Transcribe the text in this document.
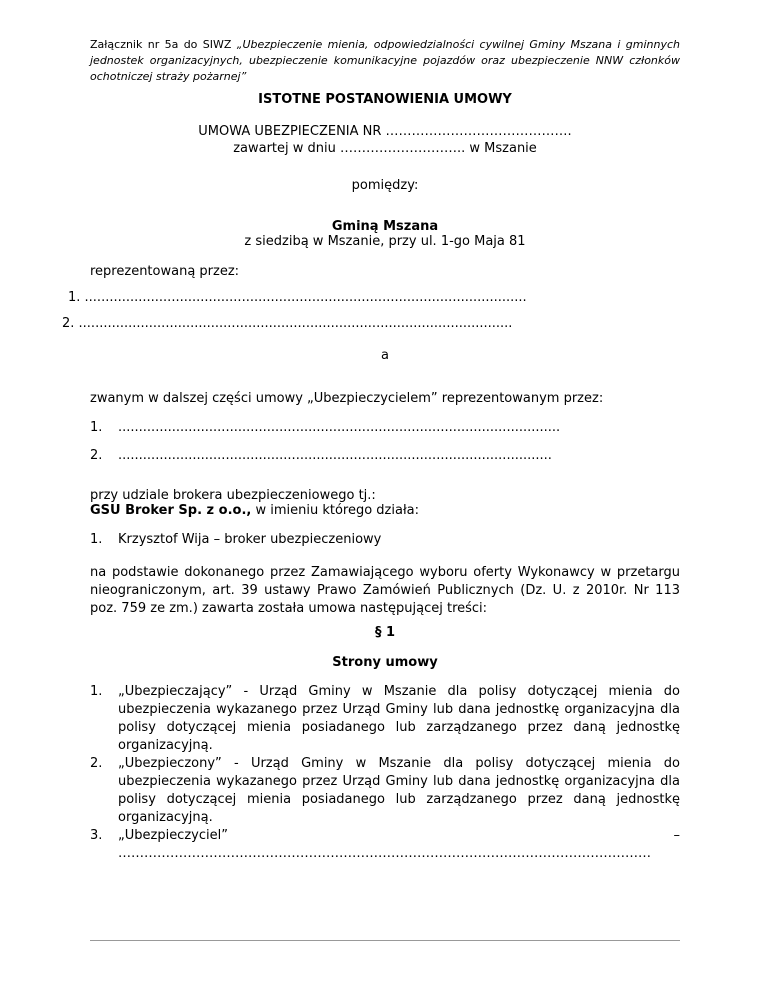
Załącznik nr 5a do SIWZ „Ubezpieczenie mienia, odpowiedzialności cywilnej Gminy Mszana i gminnych jednostek organizacyjnych, ubezpieczenie komunikacyjne pojazdów oraz ubezpieczenie NNW członków ochotniczej straży pożarnej”
ISTOTNE POSTANOWIENIA UMOWY
UMOWA UBEZPIECZENIA NR …………………………………….
zawartej w dniu ……………………….. w Mszanie
pomiędzy:
Gminą Mszana
z siedzibą w Mszanie, przy ul. 1-go Maja 81
reprezentowaną przez:
1. ...........................................................................................................
2. .........................................................................................................
a
zwanym w dalszej części umowy „Ubezpieczycielem” reprezentowanym przez:
1. ...........................................................................................................
2. .........................................................................................................
przy udziale brokera ubezpieczeniowego tj.:
GSU Broker Sp. z o.o., w imieniu którego działa:
1. Krzysztof Wija – broker ubezpieczeniowy
na podstawie dokonanego przez Zamawiającego wyboru oferty Wykonawcy w przetargu nieograniczonym, art. 39 ustawy Prawo Zamówień Publicznych (Dz. U. z 2010r. Nr 113 poz. 759 ze zm.) zawarta została umowa następującej treści:
§ 1
Strony umowy
1. „Ubezpieczający” - Urząd Gminy w Mszanie dla polisy dotyczącej mienia do ubezpieczenia wykazanego przez Urząd Gminy lub dana jednostkę organizacyjna dla polisy dotyczącej mienia posiadanego lub zarządzanego przez daną jednostkę organizacyjną.
2. „Ubezpieczony” - Urząd Gminy w Mszanie dla polisy dotyczącej mienia do ubezpieczenia wykazanego przez Urząd Gminy lub dana jednostkę organizacyjna dla polisy dotyczącej mienia posiadanego lub zarządzanego przez daną jednostkę organizacyjną.
3. „Ubezpieczyciel” – ……………………………………………………………………………………………………………
